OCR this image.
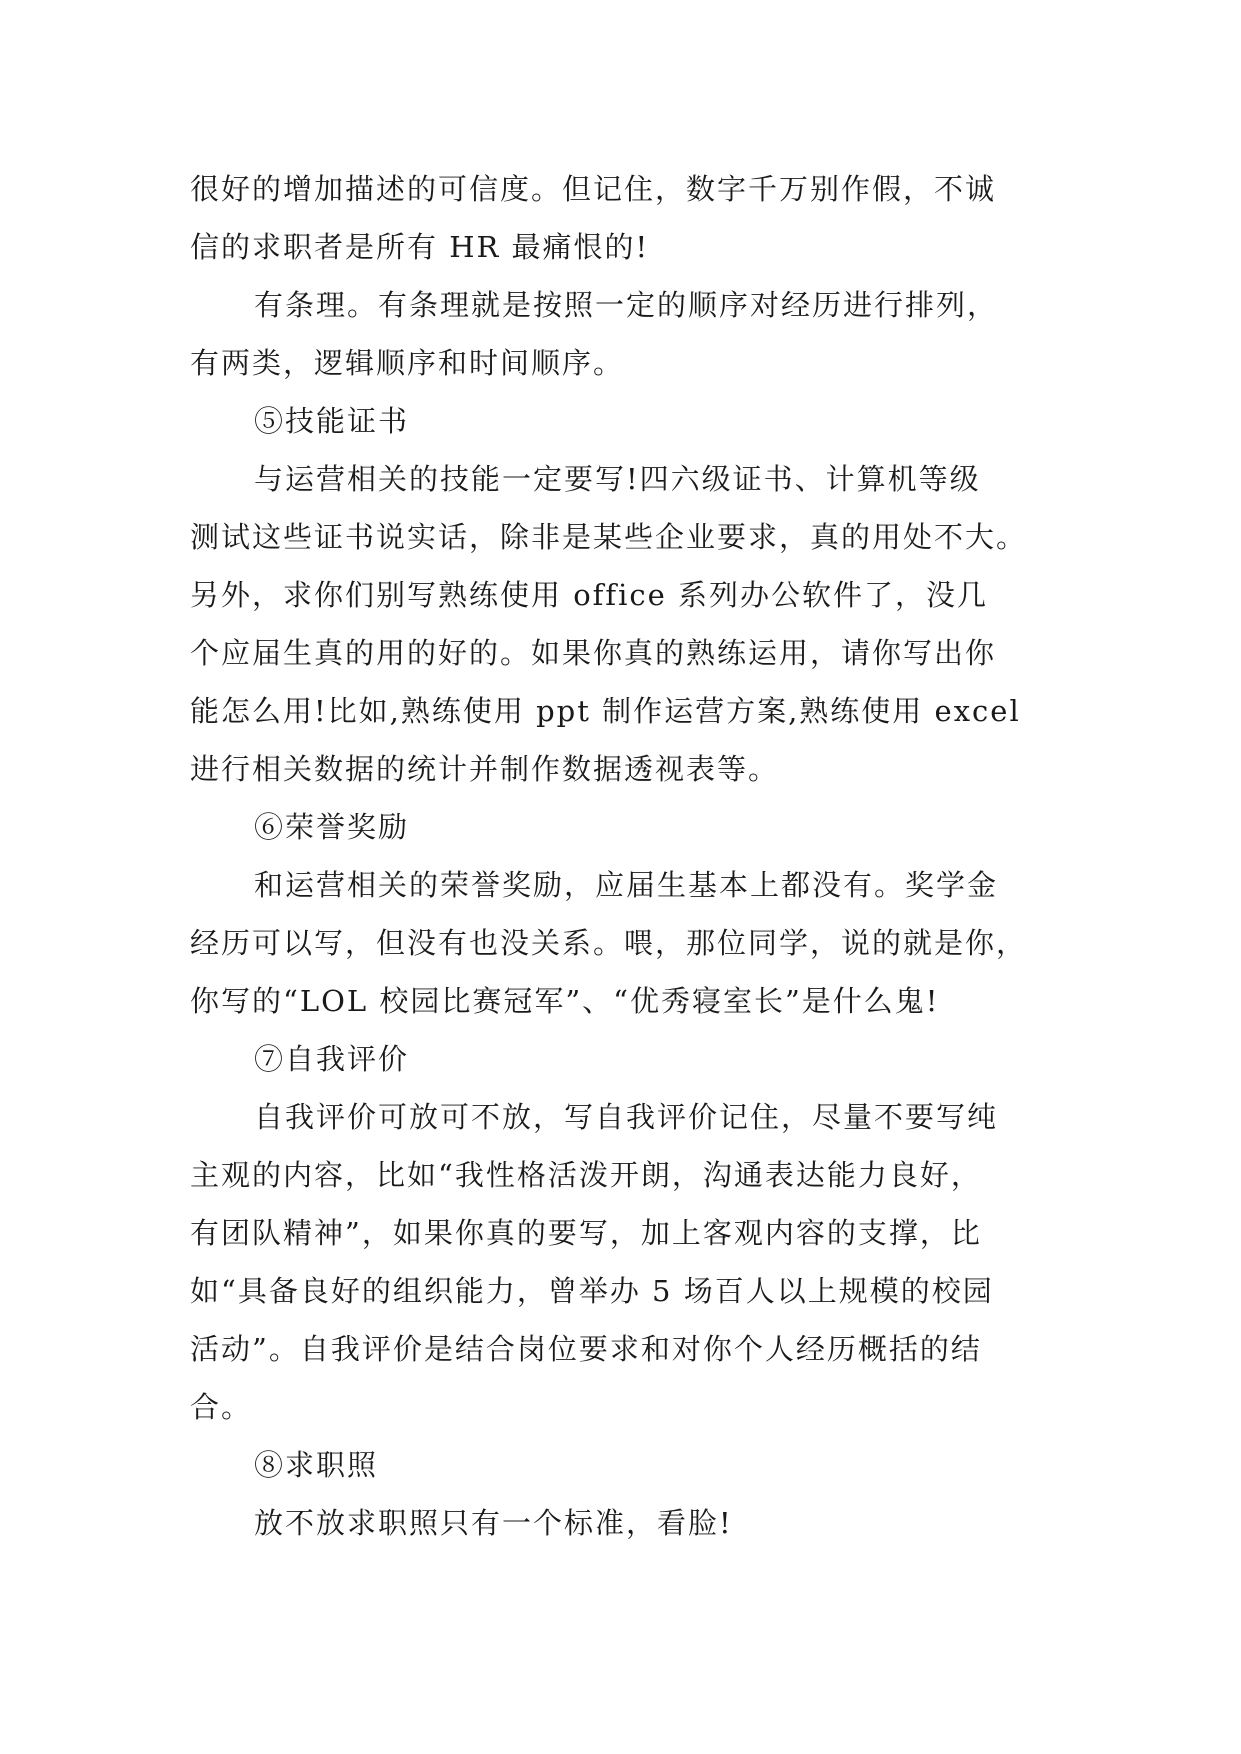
很好的增加描述的可信度。但记住，数字千万别作假，不诚
信的求职者是所有 HR 最痛恨的!
有条理。有条理就是按照一定的顺序对经历进行排列，
有两类，逻辑顺序和时间顺序。
⑤技能证书
与运营相关的技能一定要写!四六级证书、计算机等级
测试这些证书说实话，除非是某些企业要求，真的用处不大。
另外，求你们别写熟练使用 office 系列办公软件了，没几
个应届生真的用的好的。如果你真的熟练运用，请你写出你
能怎么用!比如,熟练使用 ppt 制作运营方案,熟练使用 excel
进行相关数据的统计并制作数据透视表等。
⑥荣誉奖励
和运营相关的荣誉奖励，应届生基本上都没有。奖学金
经历可以写，但没有也没关系。喂，那位同学，说的就是你，
你写的“LOL 校园比赛冠军”、“优秀寝室长”是什么鬼!
⑦自我评价
自我评价可放可不放，写自我评价记住，尽量不要写纯
主观的内容，比如“我性格活泼开朗，沟通表达能力良好，
有团队精神”，如果你真的要写，加上客观内容的支撑，比
如“具备良好的组织能力，曾举办 5 场百人以上规模的校园
活动”。自我评价是结合岗位要求和对你个人经历概括的结
合。
⑧求职照
放不放求职照只有一个标准，看脸!
